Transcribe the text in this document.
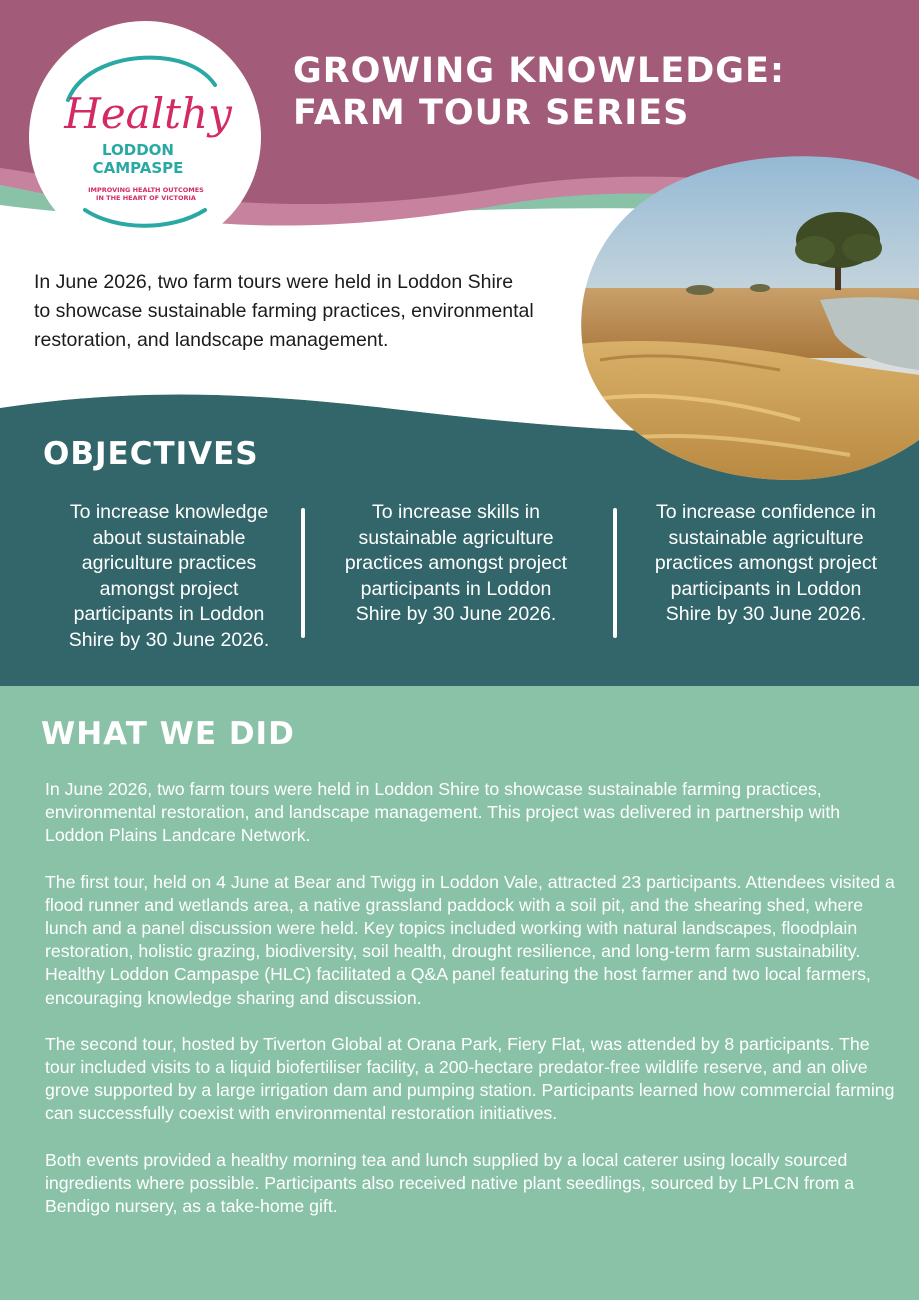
Healthy
LODDON
CAMPASPE
IMPROVING HEALTH OUTCOMES
IN THE HEART OF VICTORIA
GROWING KNOWLEDGE:
FARM TOUR SERIES

In June 2026, two farm tours were held in Loddon Shire to showcase sustainable farming practices, environmental restoration, and landscape management.

OBJECTIVES

To increase knowledge about sustainable agriculture practices amongst project participants in Loddon Shire by 30 June 2026.

To increase skills in sustainable agriculture practices amongst project participants in Loddon Shire by 30 June 2026.

To increase confidence in sustainable agriculture practices amongst project participants in Loddon Shire by 30 June 2026.

WHAT WE DID

In June 2026, two farm tours were held in Loddon Shire to showcase sustainable farming practices, environmental restoration, and landscape management. This project was delivered in partnership with Loddon Plains Landcare Network.

The first tour, held on 4 June at Bear and Twigg in Loddon Vale, attracted 23 participants. Attendees visited a flood runner and wetlands area, a native grassland paddock with a soil pit, and the shearing shed, where lunch and a panel discussion were held. Key topics included working with natural landscapes, floodplain restoration, holistic grazing, biodiversity, soil health, drought resilience, and long-term farm sustainability. Healthy Loddon Campaspe (HLC) facilitated a Q&A panel featuring the host farmer and two local farmers, encouraging knowledge sharing and discussion.

The second tour, hosted by Tiverton Global at Orana Park, Fiery Flat, was attended by 8 participants. The tour included visits to a liquid biofertiliser facility, a 200-hectare predator-free wildlife reserve, and an olive grove supported by a large irrigation dam and pumping station. Participants learned how commercial farming can successfully coexist with environmental restoration initiatives.

Both events provided a healthy morning tea and lunch supplied by a local caterer using locally sourced ingredients where possible. Participants also received native plant seedlings, sourced by LPLCN from a Bendigo nursery, as a take-home gift.
